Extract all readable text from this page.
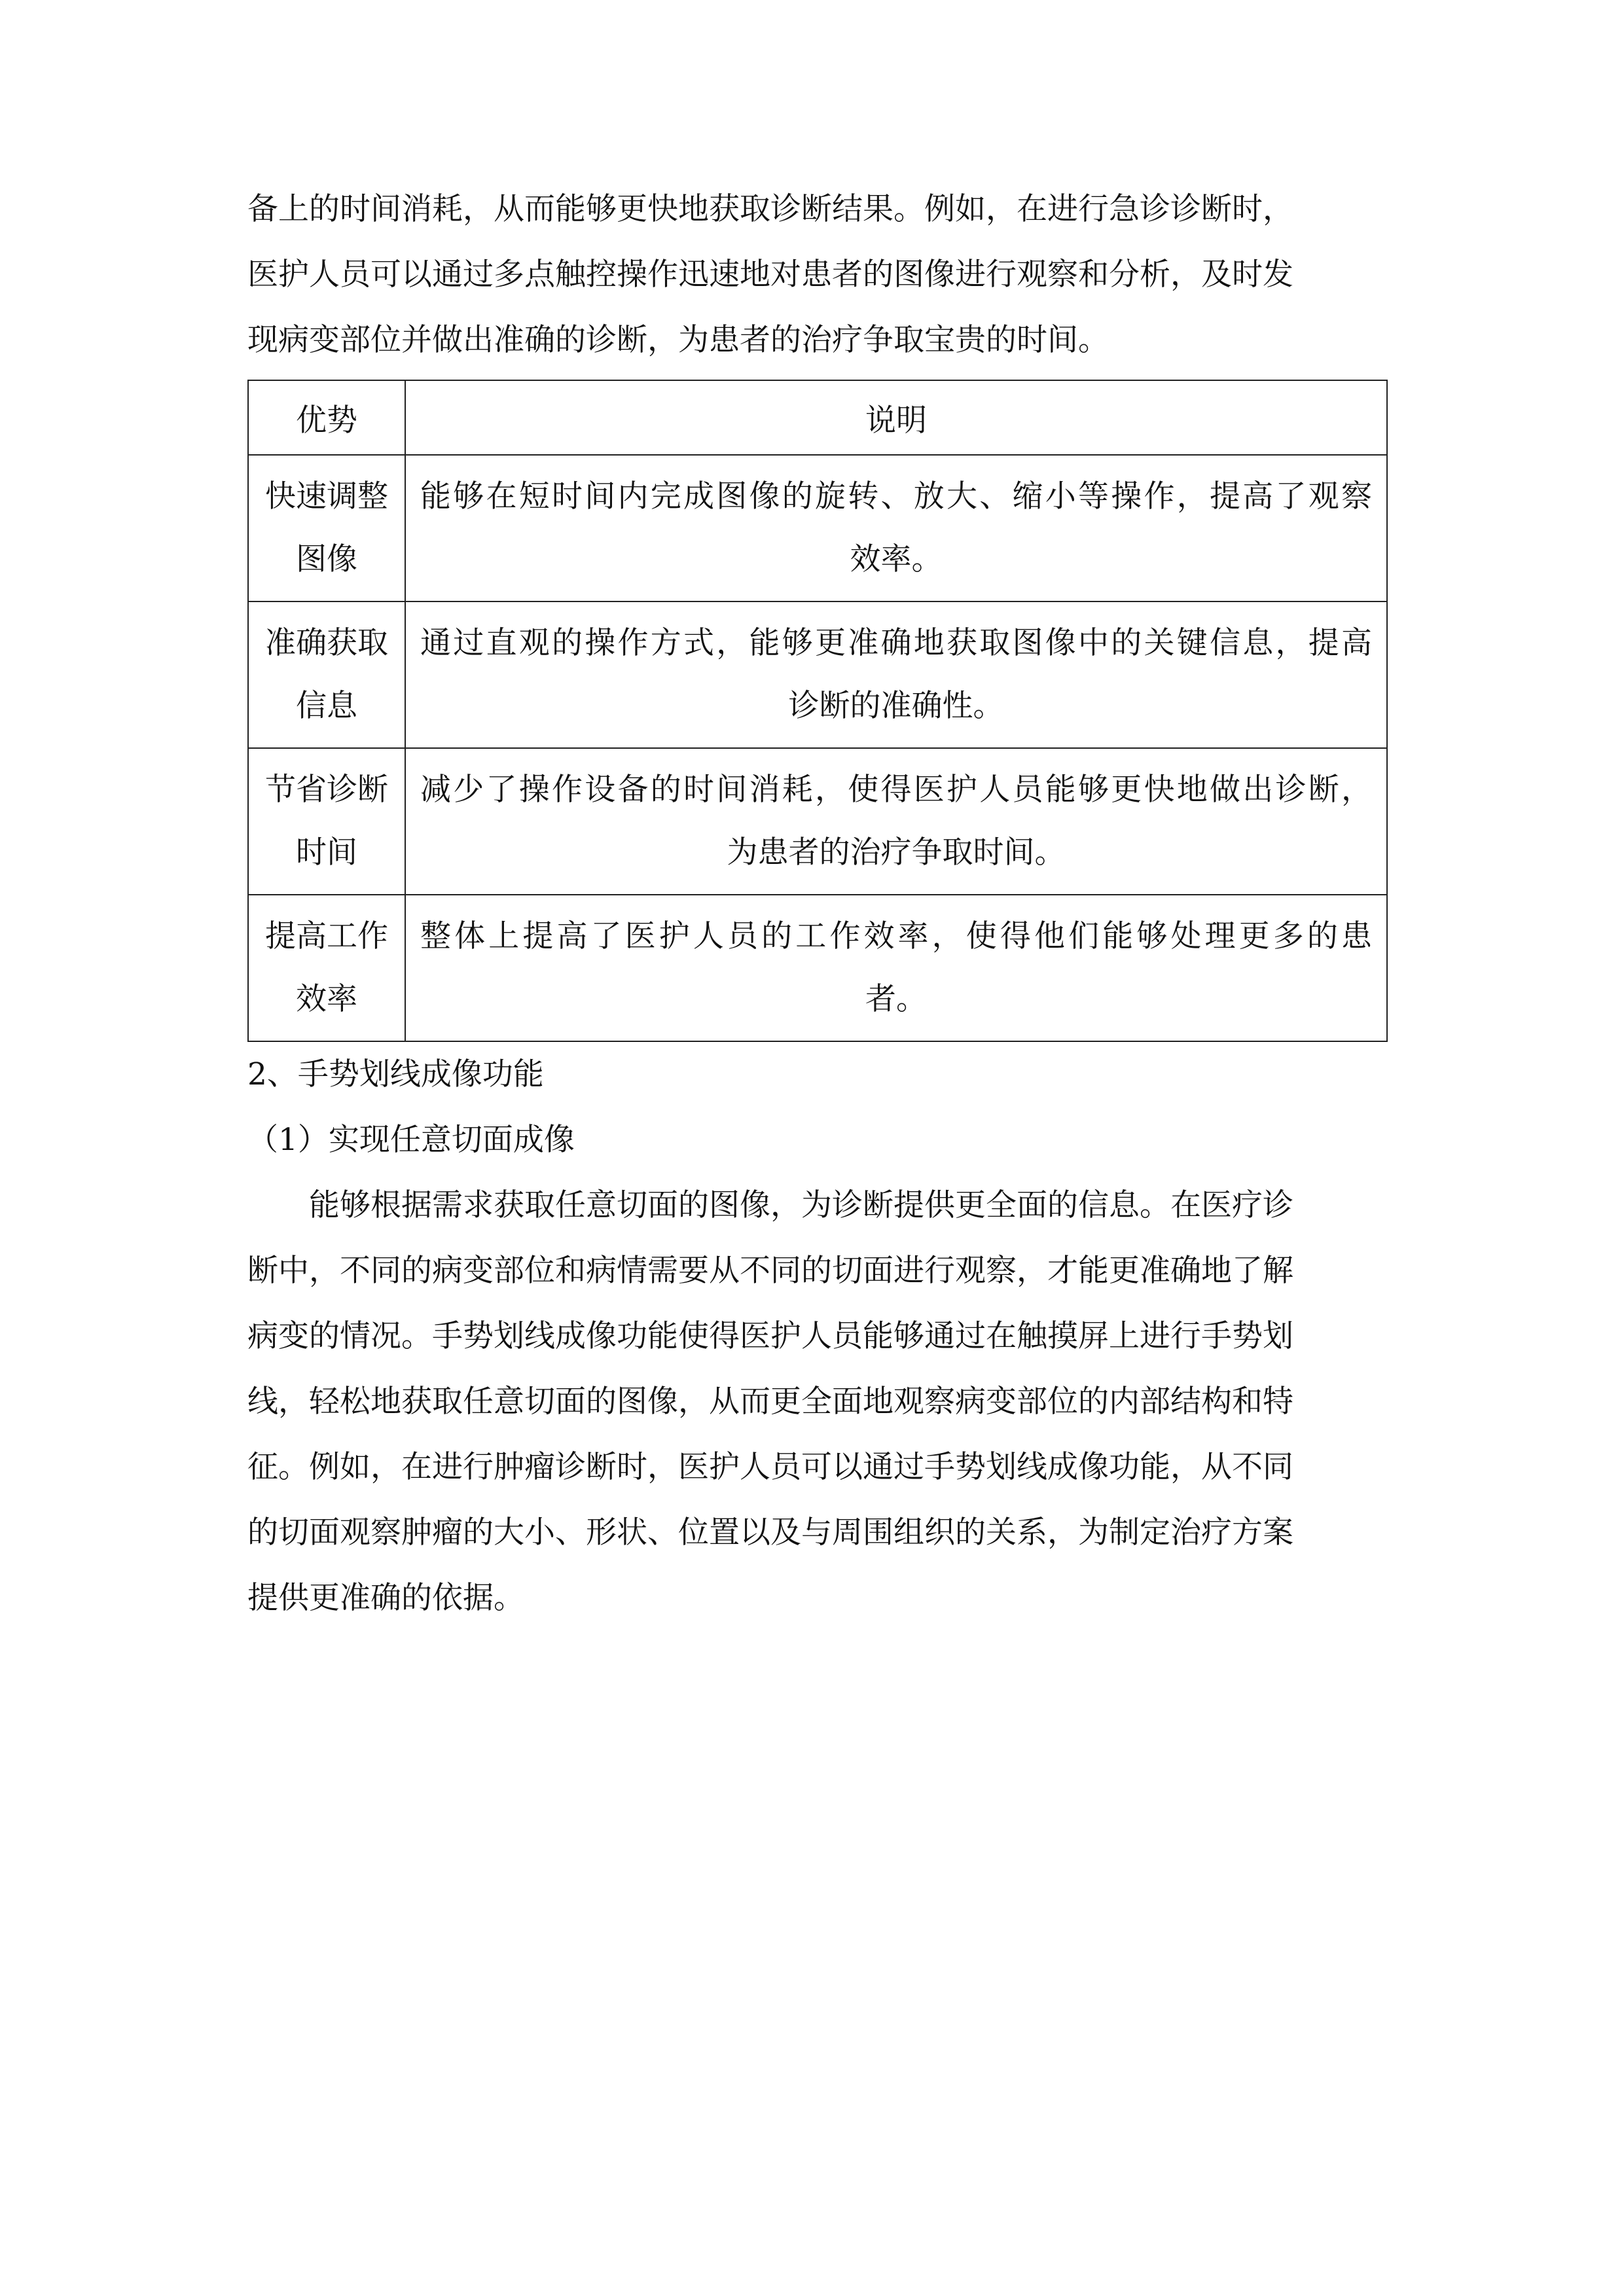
备上的时间消耗，从而能够更快地获取诊断结果。例如，在进行急诊诊断时，
医护人员可以通过多点触控操作迅速地对患者的图像进行观察和分析，及时发
现病变部位并做出准确的诊断，为患者的治疗争取宝贵的时间。
优势	说明

快速调整
图像	能够在短时间内完成图像的旋转、放大、缩小等操作，提高了观察
效率。

准确获取
信息	通过直观的操作方式，能够更准确地获取图像中的关键信息，提高
诊断的准确性。

节省诊断
时间	减少了操作设备的时间消耗，使得医护人员能够更快地做出诊断，
为患者的治疗争取时间。

提高工作
效率	整体上提高了医护人员的工作效率，使得他们能够处理更多的患
者。

2、手势划线成像功能

（1）实现任意切面成像

能够根据需求获取任意切面的图像，为诊断提供更全面的信息。在医疗诊
断中，不同的病变部位和病情需要从不同的切面进行观察，才能更准确地了解
病变的情况。手势划线成像功能使得医护人员能够通过在触摸屏上进行手势划
线，轻松地获取任意切面的图像，从而更全面地观察病变部位的内部结构和特
征。例如，在进行肿瘤诊断时，医护人员可以通过手势划线成像功能，从不同
的切面观察肿瘤的大小、形状、位置以及与周围组织的关系，为制定治疗方案
提供更准确的依据。
